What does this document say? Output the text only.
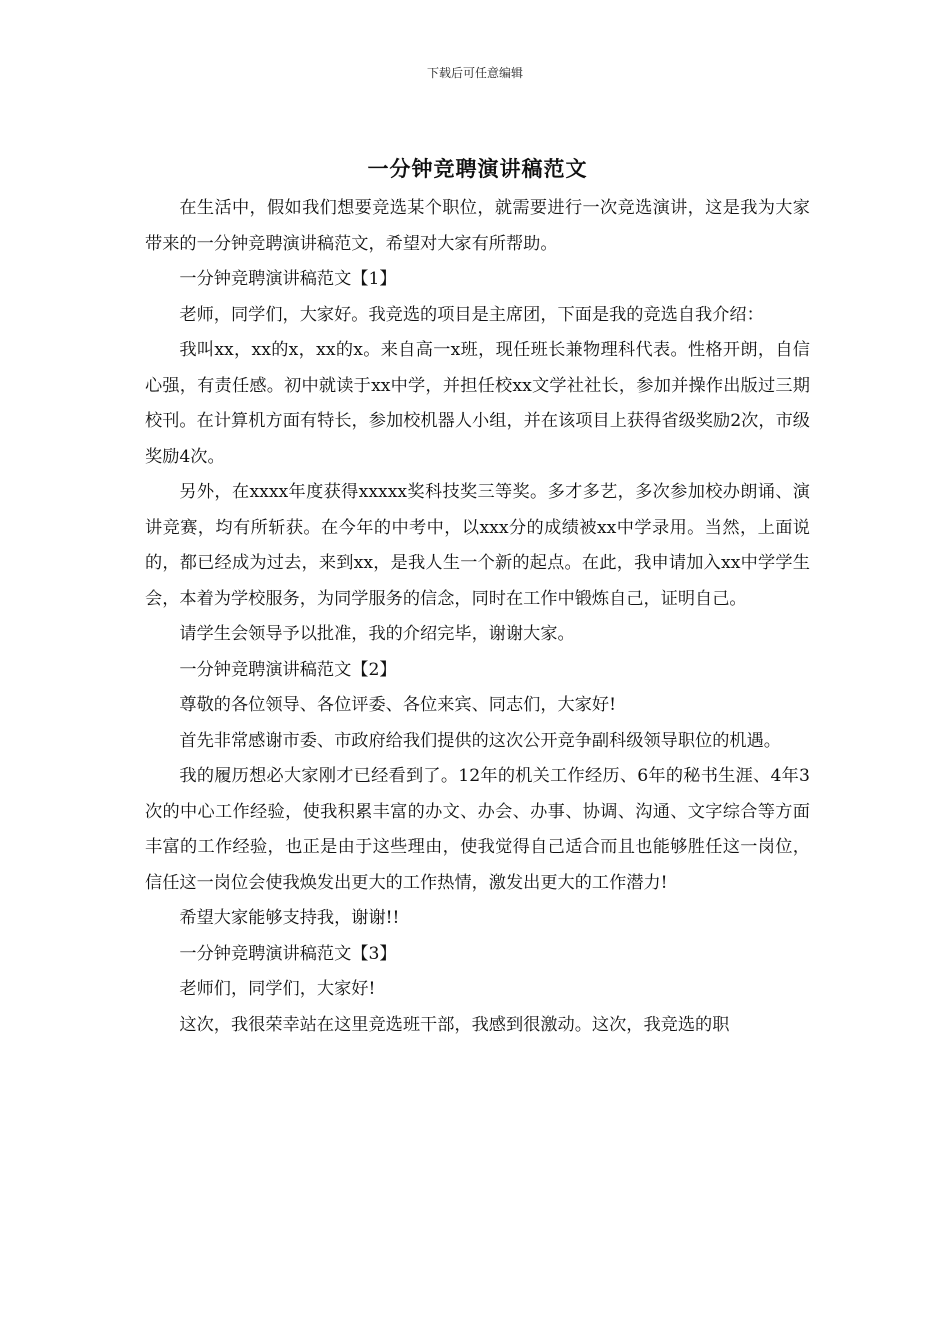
下载后可任意编辑
一分钟竞聘演讲稿范文

在生活中，假如我们想要竞选某个职位，就需要进行一次竞选演讲，这是我为大家带来的一分钟竞聘演讲稿范文，希望对大家有所帮助。

一分钟竞聘演讲稿范文【1】

老师，同学们，大家好。我竞选的项目是主席团，下面是我的竞选自我介绍：

我叫xx，xx的x，xx的x。来自高一x班，现任班长兼物理科代表。性格开朗，自信心强，有责任感。初中就读于xx中学，并担任校xx文学社社长，参加并操作出版过三期校刊。在计算机方面有特长，参加校机器人小组，并在该项目上获得省级奖励2次，市级奖励4次。

另外，在xxxx年度获得xxxxx奖科技奖三等奖。多才多艺，多次参加校办朗诵、演讲竞赛，均有所斩获。在今年的中考中，以xxx分的成绩被xx中学录用。当然，上面说的，都已经成为过去，来到xx，是我人生一个新的起点。在此，我申请加入xx中学学生会，本着为学校服务，为同学服务的信念，同时在工作中锻炼自己，证明自己。

请学生会领导予以批准，我的介绍完毕，谢谢大家。

一分钟竞聘演讲稿范文【2】

尊敬的各位领导、各位评委、各位来宾、同志们，大家好!

首先非常感谢市委、市政府给我们提供的这次公开竞争副科级领导职位的机遇。

我的履历想必大家刚才已经看到了。12年的机关工作经历、6年的秘书生涯、4年3次的中心工作经验，使我积累丰富的办文、办会、办事、协调、沟通、文字综合等方面丰富的工作经验，也正是由于这些理由，使我觉得自己适合而且也能够胜任这一岗位，信任这一岗位会使我焕发出更大的工作热情，激发出更大的工作潜力!

希望大家能够支持我，谢谢!!

一分钟竞聘演讲稿范文【3】

老师们，同学们，大家好!

这次，我很荣幸站在这里竞选班干部，我感到很激动。这次，我竞选的职
